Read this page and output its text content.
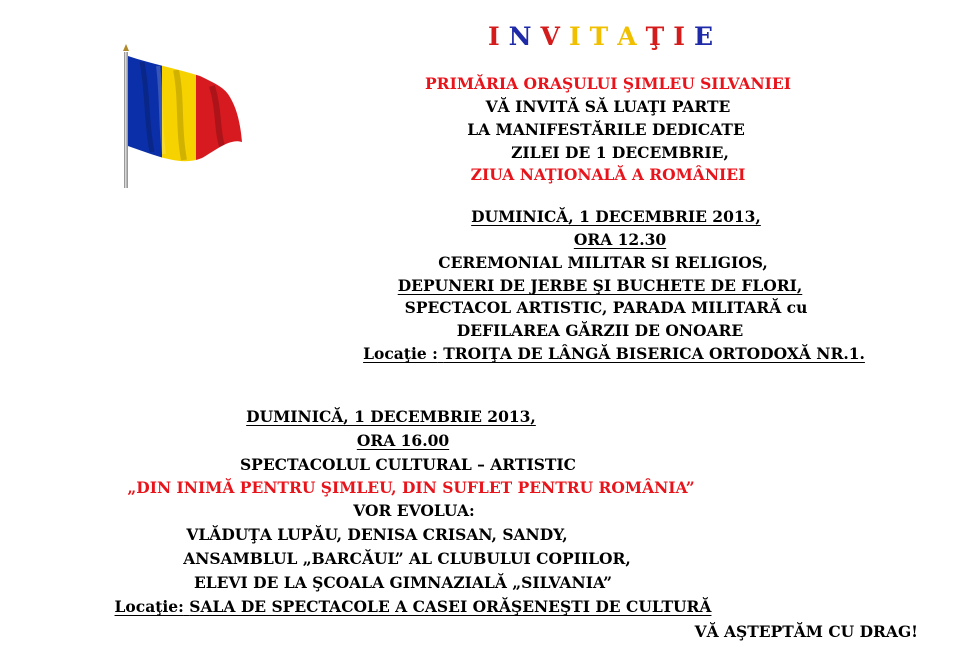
INVITAŢIE
PRIMĂRIA ORAŞULUI ŞIMLEU SILVANIEI
VĂ INVITĂ SĂ LUAŢI PARTE
LA MANIFESTĂRILE DEDICATE
ZILEI DE 1 DECEMBRIE,
ZIUA NAŢIONALĂ A ROMÂNIEI
DUMINICĂ, 1 DECEMBRIE 2013,
ORA 12.30
CEREMONIAL MILITAR SI RELIGIOS,
DEPUNERI DE JERBE ŞI BUCHETE DE FLORI,
SPECTACOL ARTISTIC, PARADA MILITARĂ cu
DEFILAREA GĂRZII DE ONOARE
Locaţie : TROIŢA DE LÂNGĂ BISERICA ORTODOXĂ NR.1.
DUMINICĂ, 1 DECEMBRIE 2013,
ORA 16.00
SPECTACOLUL CULTURAL – ARTISTIC
„DIN INIMĂ PENTRU ŞIMLEU, DIN SUFLET PENTRU ROMÂNIA”
VOR EVOLUA:
VLĂDUŢA LUPĂU, DENISA CRISAN, SANDY,
ANSAMBLUL „BARCĂUL” AL CLUBULUI COPIILOR,
ELEVI DE LA ŞCOALA GIMNAZIALĂ „SILVANIA”
Locaţie: SALA DE SPECTACOLE A CASEI ORĂŞENEŞTI DE CULTURĂ
VĂ AŞTEPTĂM CU DRAG!
